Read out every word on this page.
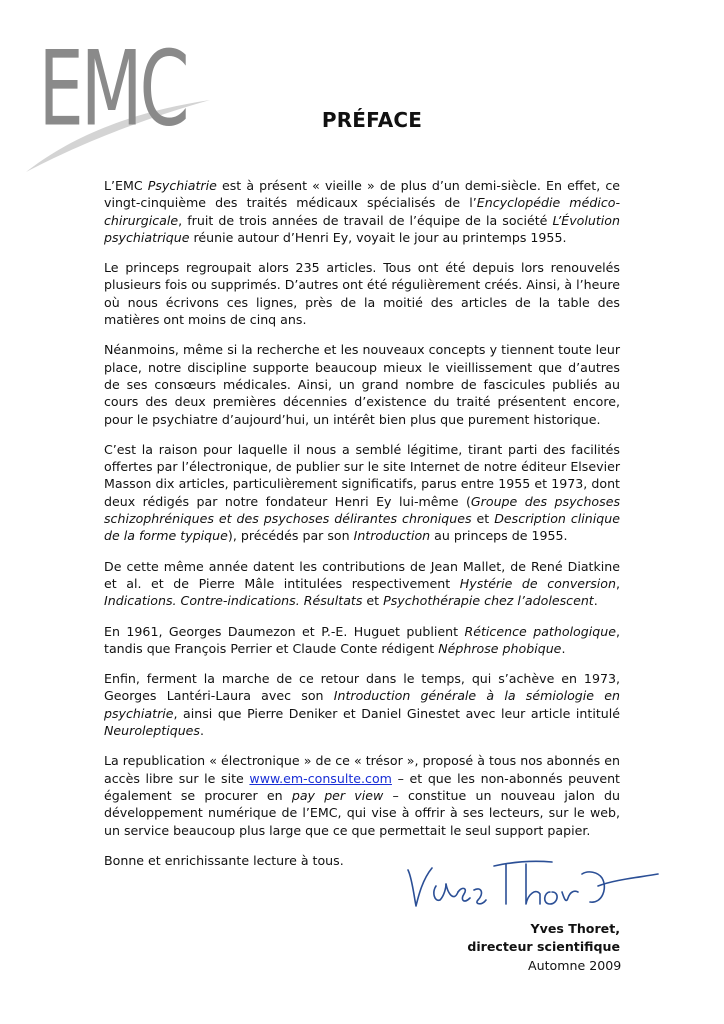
EMC	PRÉFACE

L’EMC Psychiatrie est à présent « vieille » de plus d’un demi-siècle. En effet, ce vingt-cinquième des traités médicaux spécialisés de l’Encyclopédie médico-chirurgicale, fruit de trois années de travail de l’équipe de la société L’Évolution psychiatrique réunie autour d’Henri Ey, voyait le jour au printemps 1955.

Le princeps regroupait alors 235 articles. Tous ont été depuis lors renouvelés plusieurs fois ou supprimés. D’autres ont été régulièrement créés. Ainsi, à l’heure où nous écrivons ces lignes, près de la moitié des articles de la table des matières ont moins de cinq ans.

Néanmoins, même si la recherche et les nouveaux concepts y tiennent toute leur place, notre discipline supporte beaucoup mieux le vieillissement que d’autres de ses consœurs médicales. Ainsi, un grand nombre de fascicules publiés au cours des deux premières décennies d’existence du traité présentent encore, pour le psychiatre d’aujourd’hui, un intérêt bien plus que purement historique.

C’est la raison pour laquelle il nous a semblé légitime, tirant parti des facilités offertes par l’électronique, de publier sur le site Internet de notre éditeur Elsevier Masson dix articles, particulièrement significatifs, parus entre 1955 et 1973, dont deux rédigés par notre fondateur Henri Ey lui-même (Groupe des psychoses schizophréniques et des psychoses délirantes chroniques et Description clinique de la forme typique), précédés par son Introduction au princeps de 1955.

De cette même année datent les contributions de Jean Mallet, de René Diatkine et al. et de Pierre Mâle intitulées respectivement Hystérie de conversion, Indications. Contre-indications. Résultats et Psychothérapie chez l’adolescent.

En 1961, Georges Daumezon et P.-E. Huguet publient Réticence pathologique, tandis que François Perrier et Claude Conte rédigent Néphrose phobique.

Enfin, ferment la marche de ce retour dans le temps, qui s’achève en 1973, Georges Lantéri-Laura avec son Introduction générale à la sémiologie en psychiatrie, ainsi que Pierre Deniker et Daniel Ginestet avec leur article intitulé Neuroleptiques.

La republication « électronique » de ce « trésor », proposé à tous nos abonnés en accès libre sur le site www.em-consulte.com – et que les non-abonnés peuvent également se procurer en pay per view – constitue un nouveau jalon du développement numérique de l’EMC, qui vise à offrir à ses lecteurs, sur le web, un service beaucoup plus large que ce que permettait le seul support papier.

Bonne et enrichissante lecture à tous.

Yves Thoret,
directeur scientifique
Automne 2009
